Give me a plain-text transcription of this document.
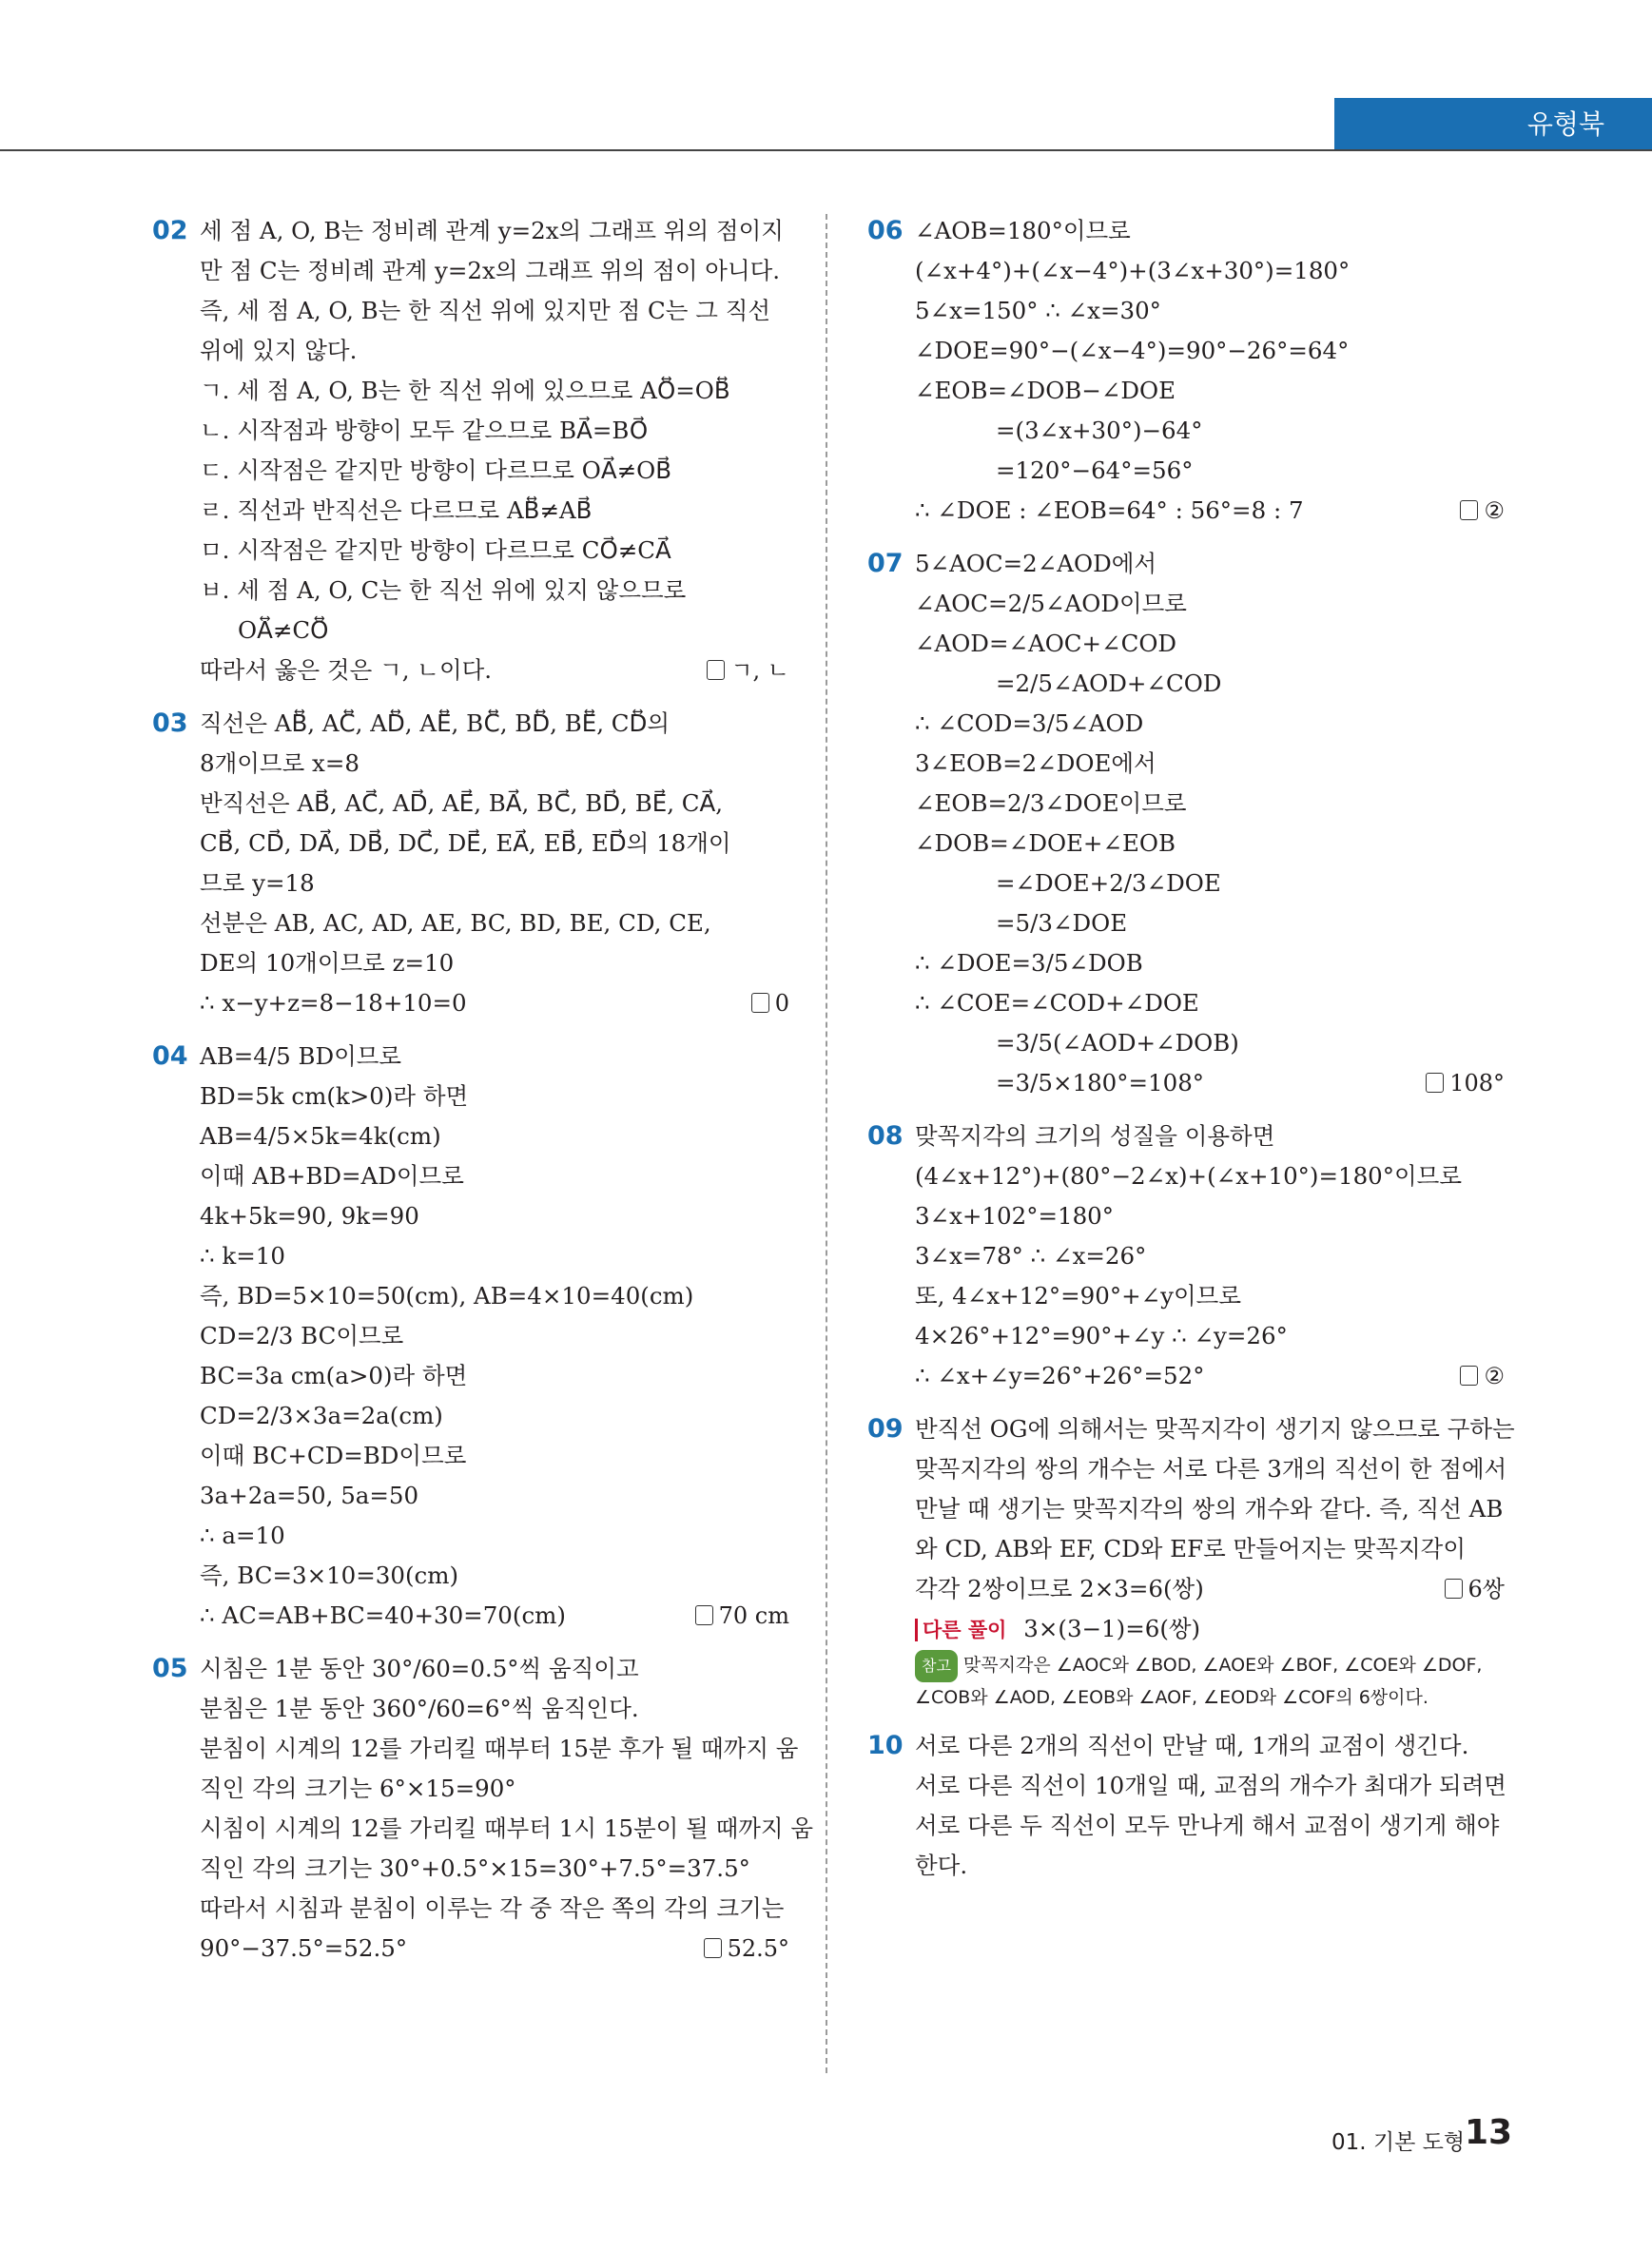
유형북
02 세 점 A, O, B는 정비례 관계 y=2x의 그래프 위의 점이지
만 점 C는 정비례 관계 y=2x의 그래프 위의 점이 아니다.
즉, 세 점 A, O, B는 한 직선 위에 있지만 점 C는 그 직선
위에 있지 않다.
ㄱ. 세 점 A, O, B는 한 직선 위에 있으므로 AO⃡=OB⃡
ㄴ. 시작점과 방향이 모두 같으므로 BA⃗=BO⃗
ㄷ. 시작점은 같지만 방향이 다르므로 OA⃗≠OB⃗
ㄹ. 직선과 반직선은 다르므로 AB⃡≠AB⃗
ㅁ. 시작점은 같지만 방향이 다르므로 CO⃗≠CA⃗
ㅂ. 세 점 A, O, C는 한 직선 위에 있지 않으므로
OA⃡≠CO⃡
따라서 옳은 것은 ㄱ, ㄴ이다.	ㄱ, ㄴ
03 직선은 AB⃡, AC⃡, AD⃡, AE⃡, BC⃡, BD⃡, BE⃡, CD⃡의
8개이므로 x=8
반직선은 AB⃗, AC⃗, AD⃗, AE⃗, BA⃗, BC⃗, BD⃗, BE⃗, CA⃗,
CB⃗, CD⃗, DA⃗, DB⃗, DC⃗, DE⃗, EA⃗, EB⃗, ED⃗의 18개이
므로 y=18
선분은 AB, AC, AD, AE, BC, BD, BE, CD, CE,
DE의 10개이므로 z=10
∴ x−y+z=8−18+10=0	0
04 AB=4/5 BD이므로
BD=5k cm(k>0)라 하면
AB=4/5×5k=4k(cm)
이때 AB+BD=AD이므로
4k+5k=90, 9k=90
∴ k=10
즉, BD=5×10=50(cm), AB=4×10=40(cm)
CD=2/3 BC이므로
BC=3a cm(a>0)라 하면
CD=2/3×3a=2a(cm)
이때 BC+CD=BD이므로
3a+2a=50, 5a=50
∴ a=10
즉, BC=3×10=30(cm)
∴ AC=AB+BC=40+30=70(cm)	70 cm
05 시침은 1분 동안 30°/60=0.5°씩 움직이고
분침은 1분 동안 360°/60=6°씩 움직인다.
분침이 시계의 12를 가리킬 때부터 15분 후가 될 때까지 움
직인 각의 크기는 6°×15=90°
시침이 시계의 12를 가리킬 때부터 1시 15분이 될 때까지 움
직인 각의 크기는 30°+0.5°×15=30°+7.5°=37.5°
따라서 시침과 분침이 이루는 각 중 작은 쪽의 각의 크기는
90°−37.5°=52.5°	52.5°
06 ∠AOB=180°이므로
(∠x+4°)+(∠x−4°)+(3∠x+30°)=180°
5∠x=150° ∴ ∠x=30°
∠DOE=90°−(∠x−4°)=90°−26°=64°
∠EOB=∠DOB−∠DOE
=(3∠x+30°)−64°
=120°−64°=56°
∴ ∠DOE : ∠EOB=64° : 56°=8 : 7	②
07 5∠AOC=2∠AOD에서
∠AOC=2/5∠AOD이므로
∠AOD=∠AOC+∠COD
=2/5∠AOD+∠COD
∴ ∠COD=3/5∠AOD
3∠EOB=2∠DOE에서
∠EOB=2/3∠DOE이므로
∠DOB=∠DOE+∠EOB
=∠DOE+2/3∠DOE
=5/3∠DOE
∴ ∠DOE=3/5∠DOB
∴ ∠COE=∠COD+∠DOE
=3/5(∠AOD+∠DOB)
=3/5×180°=108°	108°
08 맞꼭지각의 크기의 성질을 이용하면
(4∠x+12°)+(80°−2∠x)+(∠x+10°)=180°이므로
3∠x+102°=180°
3∠x=78° ∴ ∠x=26°
또, 4∠x+12°=90°+∠y이므로
4×26°+12°=90°+∠y ∴ ∠y=26°
∴ ∠x+∠y=26°+26°=52°	②
09 반직선 OG에 의해서는 맞꼭지각이 생기지 않으므로 구하는
맞꼭지각의 쌍의 개수는 서로 다른 3개의 직선이 한 점에서
만날 때 생기는 맞꼭지각의 쌍의 개수와 같다. 즉, 직선 AB
와 CD, AB와 EF, CD와 EF로 만들어지는 맞꼭지각이
각각 2쌍이므로 2×3=6(쌍)	6쌍
다른 풀이 3×(3−1)=6(쌍)
참고 맞꼭지각은 ∠AOC와 ∠BOD, ∠AOE와 ∠BOF, ∠COE와 ∠DOF, ∠COB와 ∠AOD, ∠EOB와 ∠AOF, ∠EOD와 ∠COF의 6쌍이다.
10 서로 다른 2개의 직선이 만날 때, 1개의 교점이 생긴다.
서로 다른 직선이 10개일 때, 교점의 개수가 최대가 되려면
서로 다른 두 직선이 모두 만나게 해서 교점이 생기게 해야
한다.
01. 기본 도형 13
